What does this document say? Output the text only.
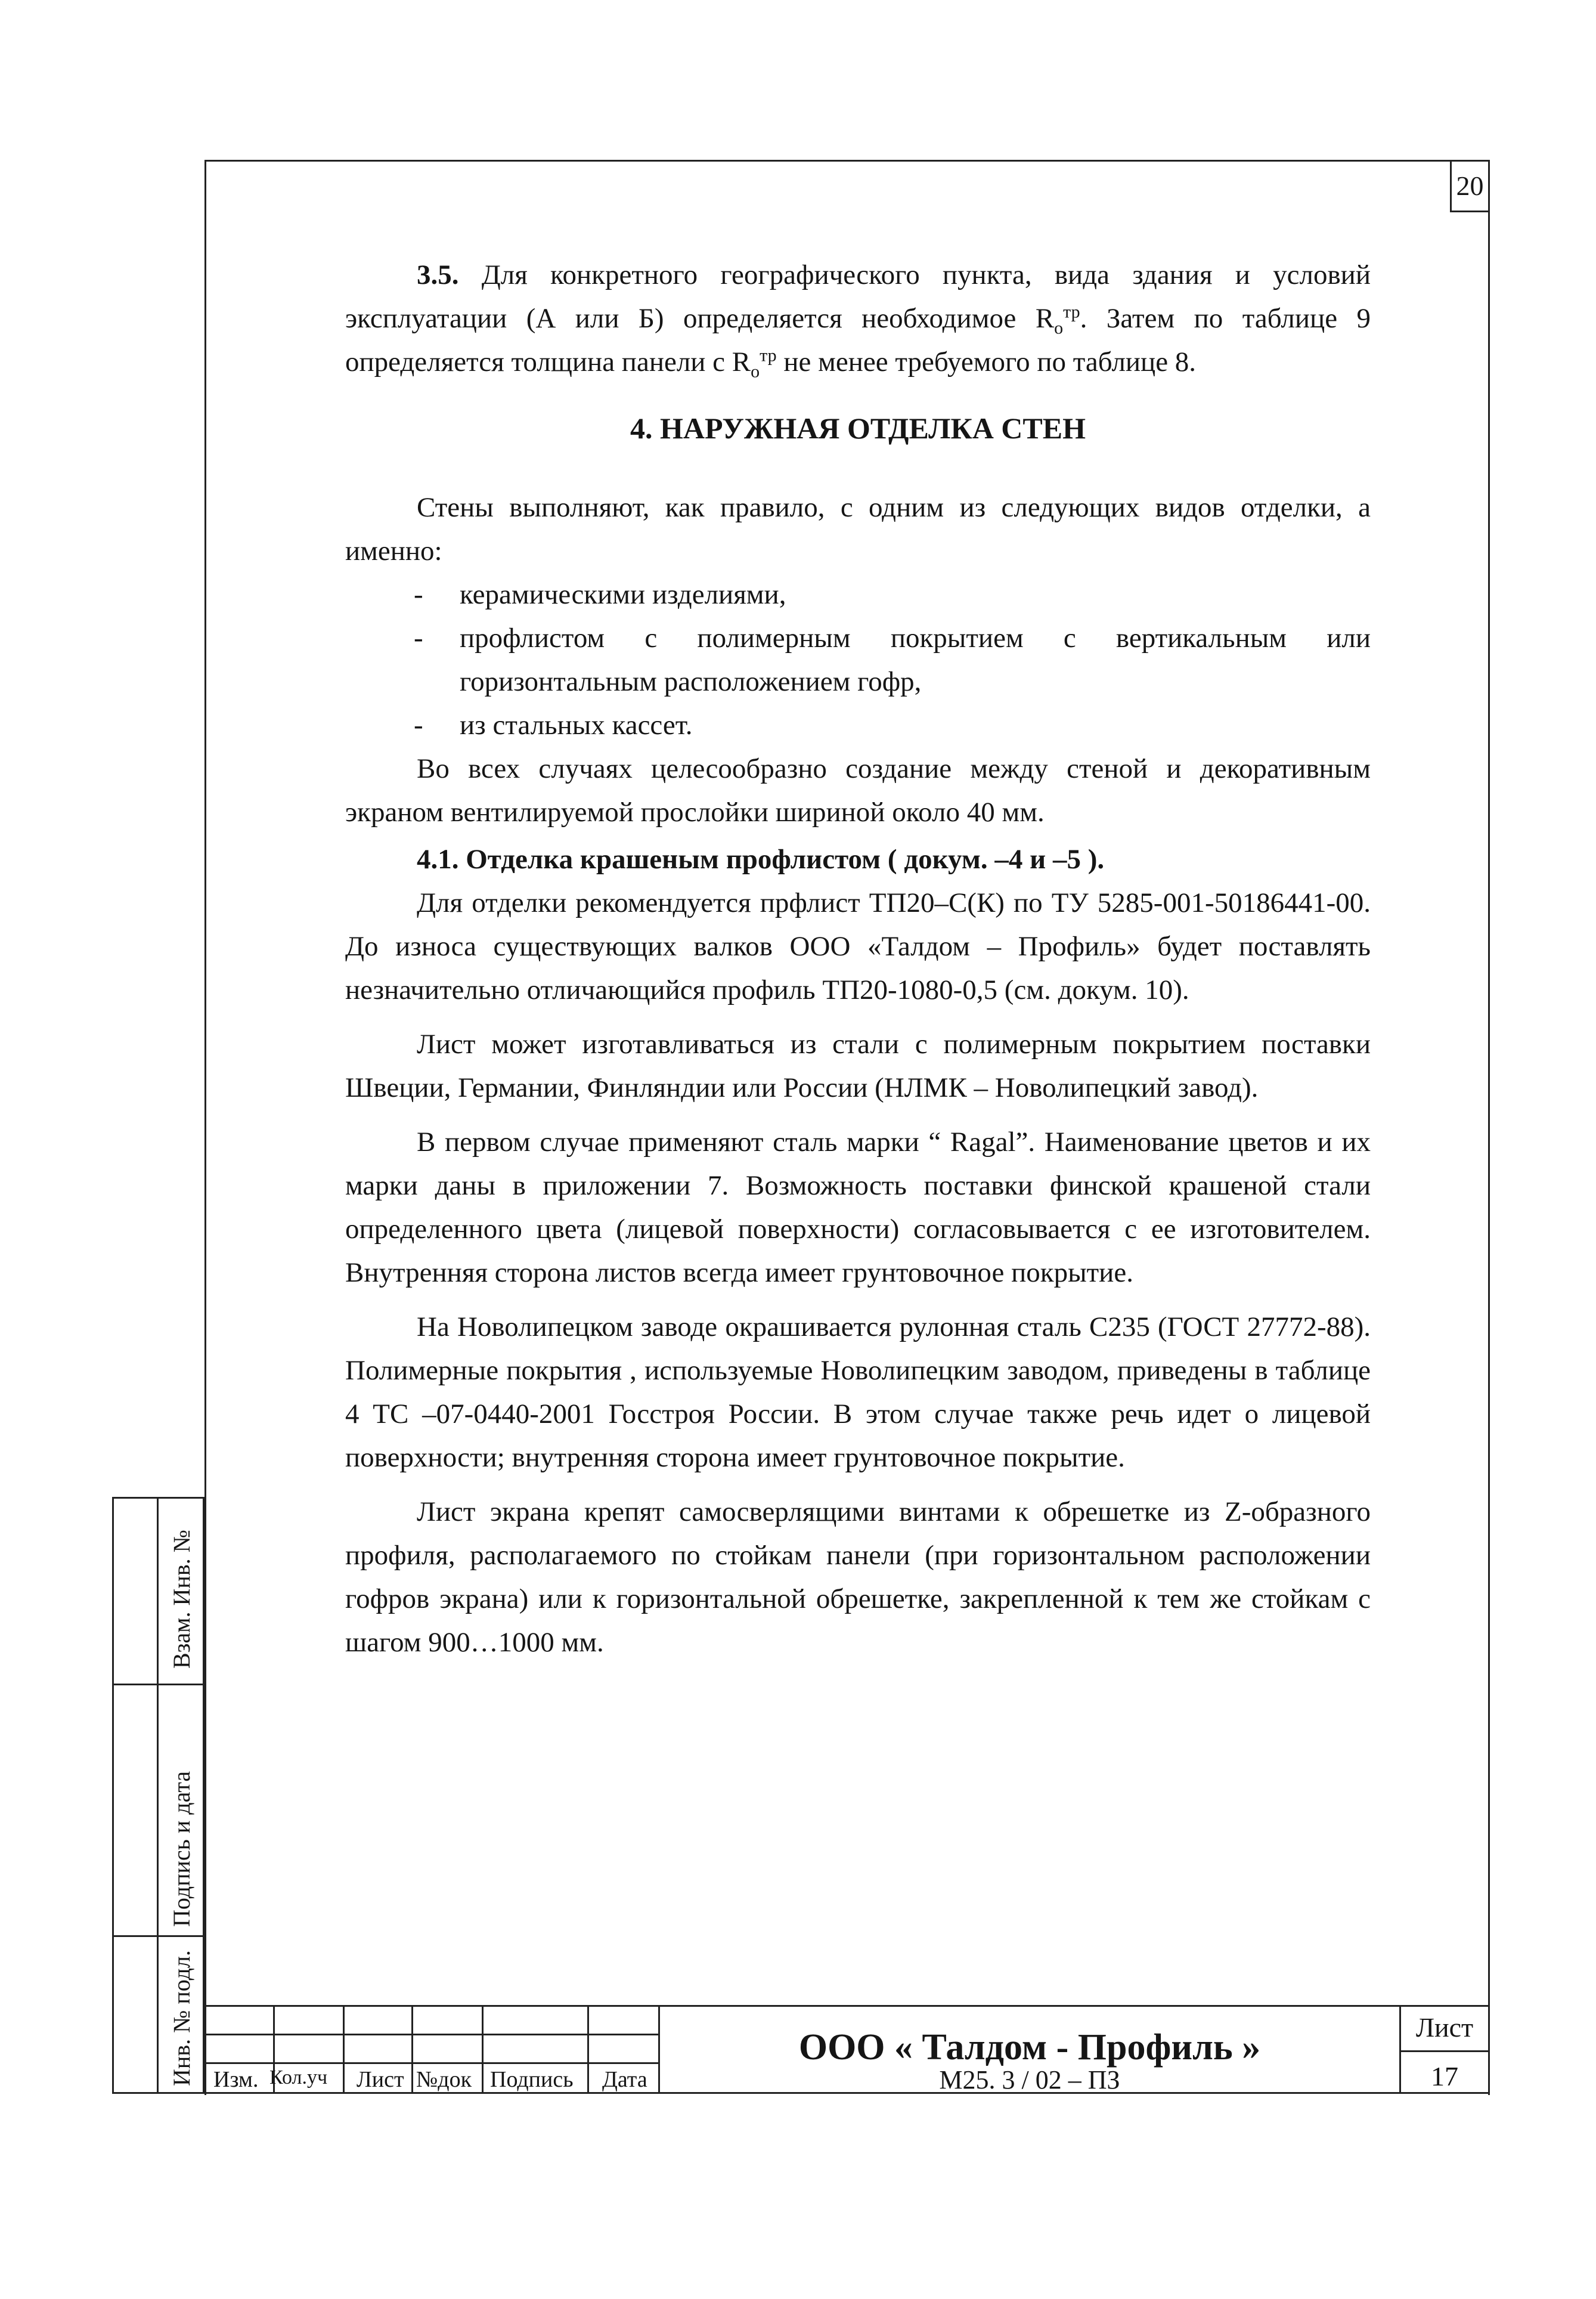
20

3.5. Для конкретного географического пункта, вида здания и условий эксплуатации (А или Б) определяется необходимое $R_о^{тр}$. Затем по таблице 9 определяется толщина панели с $R_о^{тр}$ не менее требуемого по таблице 8.

4. НАРУЖНАЯ ОТДЕЛКА СТЕН

Стены выполняют, как правило, с одним из следующих видов отделки, а именно:

- керамическими изделиями,

- профлистом с полимерным покрытием с вертикальным или горизонтальным расположением гофр,

- из стальных кассет.

Во всех случаях целесообразно создание между стеной и декоративным экраном вентилируемой прослойки шириной около 40 мм.

4.1. Отделка крашеным профлистом ( докум. –4 и –5 ).

Для отделки рекомендуется прфлист ТП20–С(К) по ТУ 5285-001-50186441-00. До износа существующих валков ООО «Талдом – Профиль» будет поставлять незначительно отличающийся профиль ТП20-1080-0,5 (см. докум. 10).

Лист может изготавливаться из стали с полимерным покрытием поставки Швеции, Германии, Финляндии или России (НЛМК – Новолипецкий завод).

В первом случае применяют сталь марки “ Ragal”. Наименование цветов и их марки даны в приложении 7. Возможность поставки финской крашеной стали определенного цвета (лицевой поверхности) согласовывается с ее изготовителем. Внутренняя сторона листов всегда имеет грунтовочное покрытие.

На Новолипецком заводе окрашивается рулонная сталь С235 (ГОСТ 27772-88). Полимерные покрытия , используемые Новолипецким заводом, приведены в таблице 4 ТС –07-0440-2001 Госстроя России. В этом случае также речь идет о лицевой поверхности; внутренняя сторона имеет грунтовочное покрытие.

Лист экрана крепят самосверлящими винтами к обрешетке из Z-образного профиля, располагаемого по стойкам панели (при горизонтальном расположении гофров экрана) или к горизонтальной обрешетке, закрепленной к тем же стойкам с шагом 900…1000 мм.

Взам. Инв. №
Подпись и дата
Инв. № подл. Изм. Кол.уч Лист №док Подпись	Дата
ООО « Талдом - Профиль »
М25. 3 / 02 – ПЗ
Лист
17
